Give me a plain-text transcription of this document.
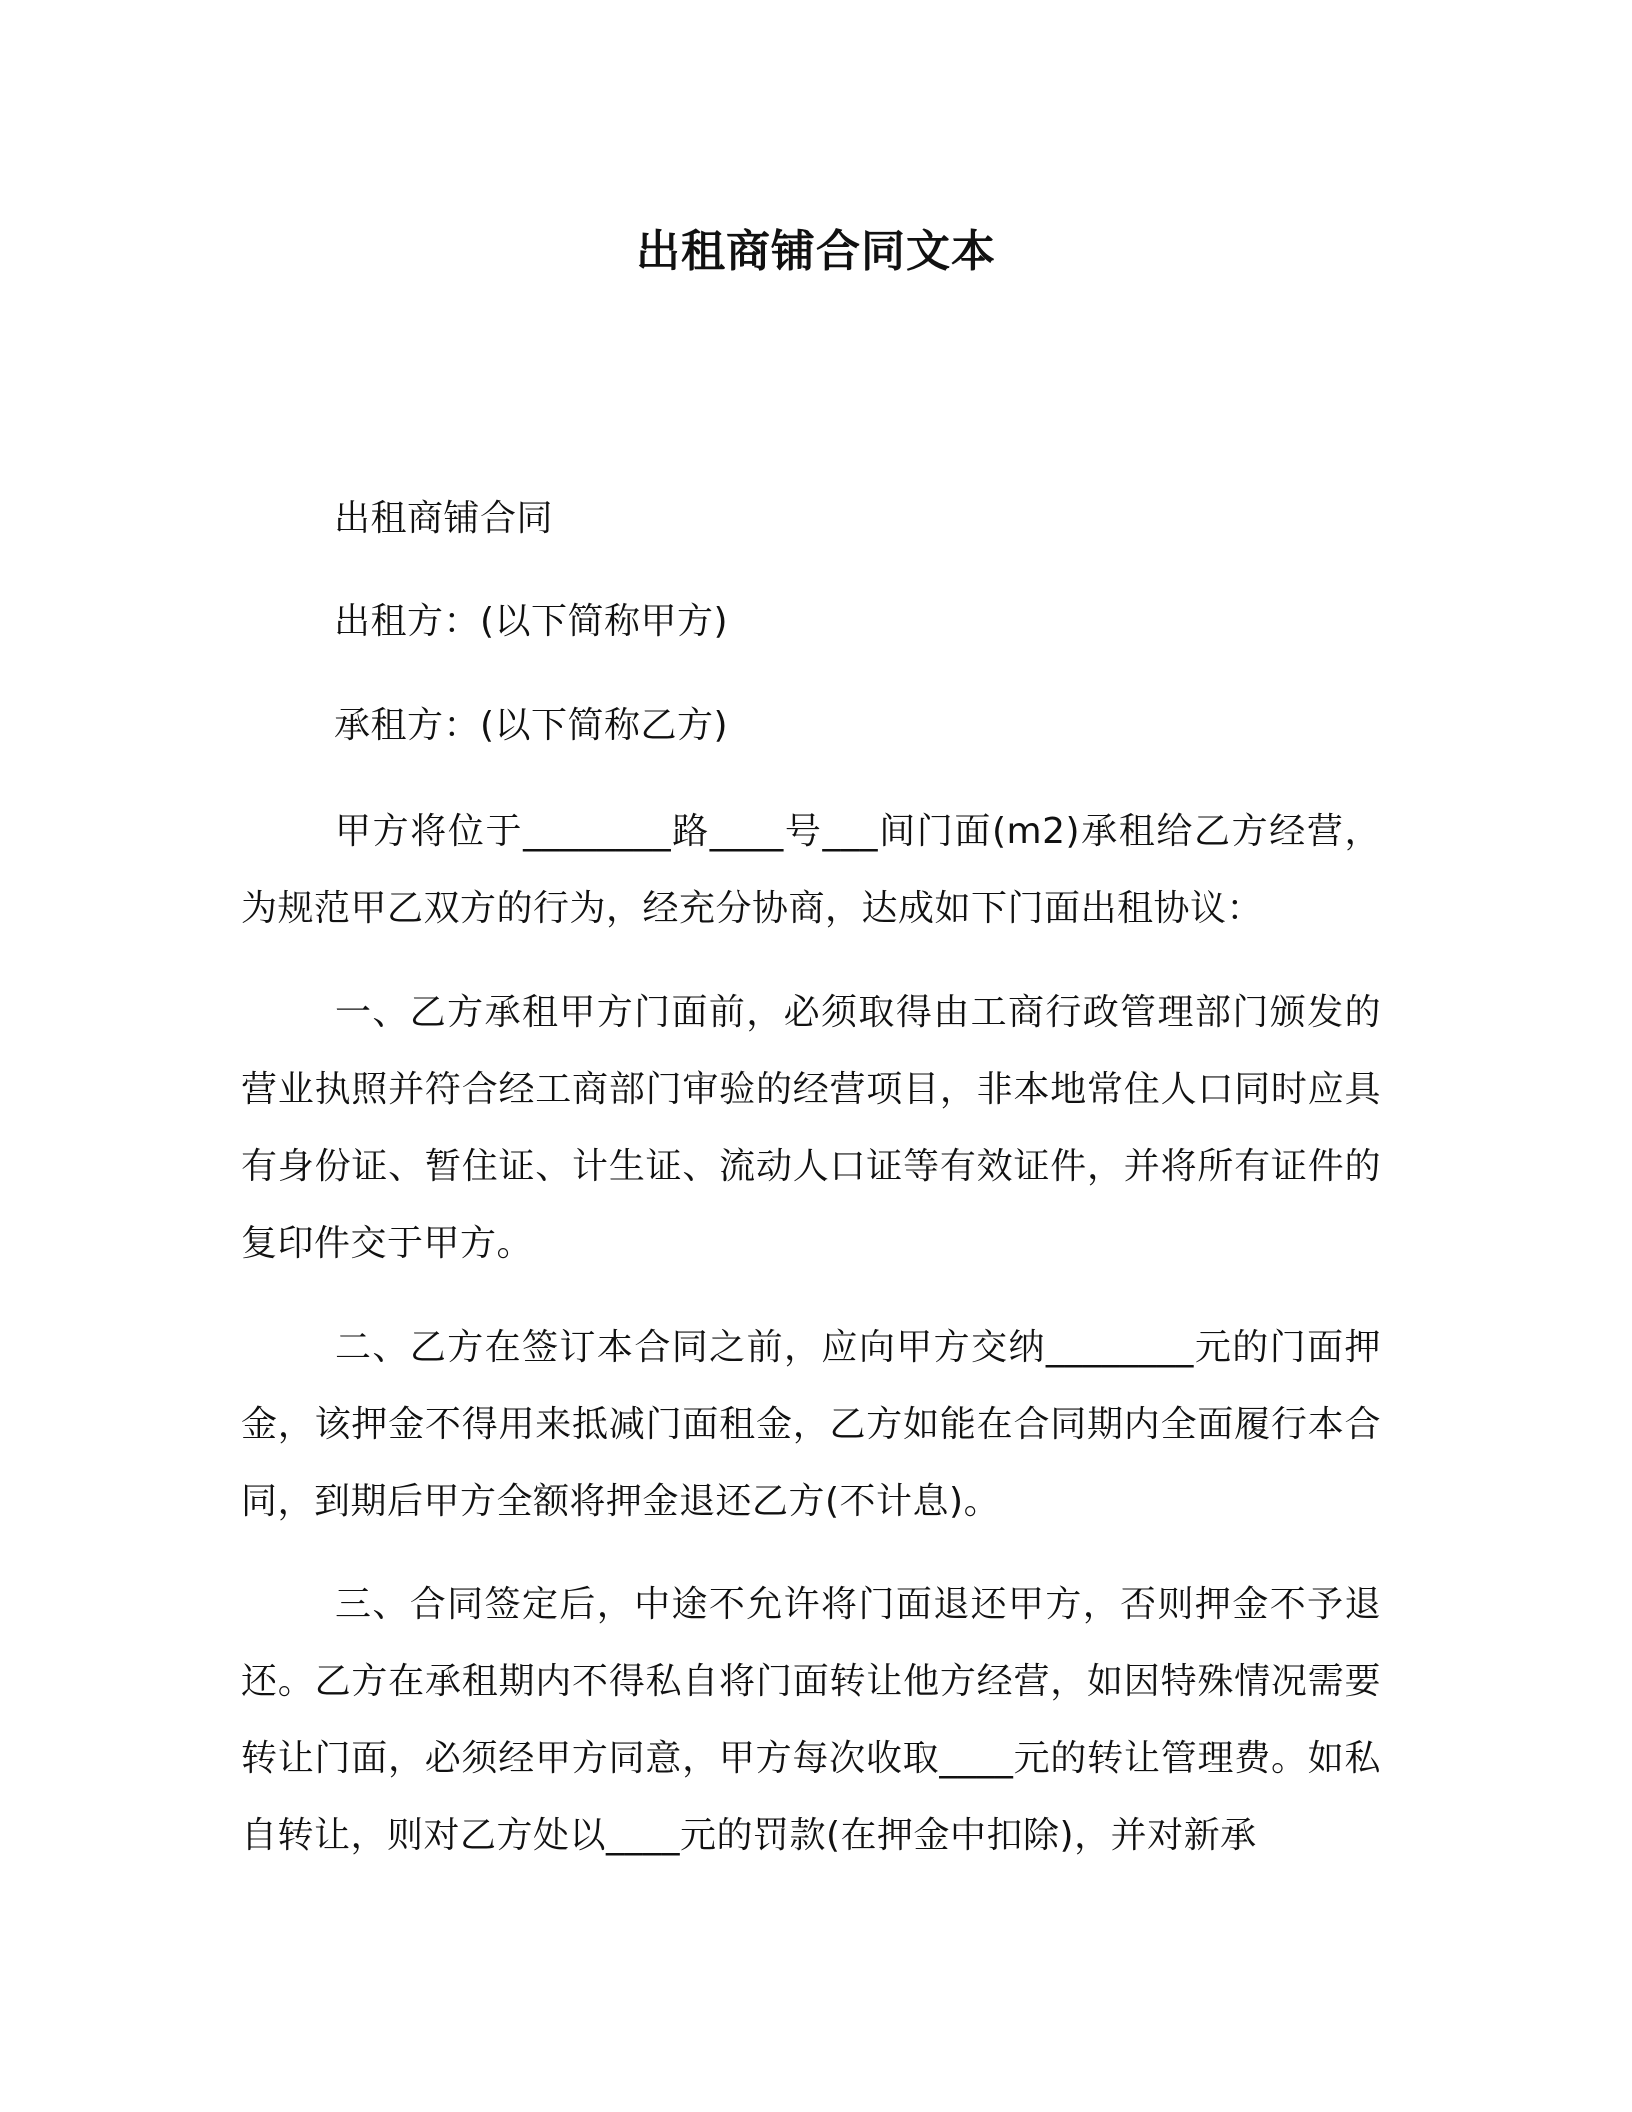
出租商铺合同文本
出租商铺合同
出租方：(以下简称甲方)
承租方：(以下简称乙方)

甲方将位于________路____号___间门面(m2)承租给乙方经营，为规范甲乙双方的行为，经充分协商，达成如下门面出租协议：

一、乙方承租甲方门面前，必须取得由工商行政管理部门颁发的营业执照并符合经工商部门审验的经营项目，非本地常住人口同时应具有身份证、暂住证、计生证、流动人口证等有效证件，并将所有证件的复印件交于甲方。

二、乙方在签订本合同之前，应向甲方交纳________元的门面押金，该押金不得用来抵减门面租金，乙方如能在合同期内全面履行本合同，到期后甲方全额将押金退还乙方(不计息)。

三、合同签定后，中途不允许将门面退还甲方，否则押金不予退还。乙方在承租期内不得私自将门面转让他方经营，如因特殊情况需要转让门面，必须经甲方同意，甲方每次收取____元的转让管理费。如私自转让，则对乙方处以____元的罚款(在押金中扣除)，并对新承
